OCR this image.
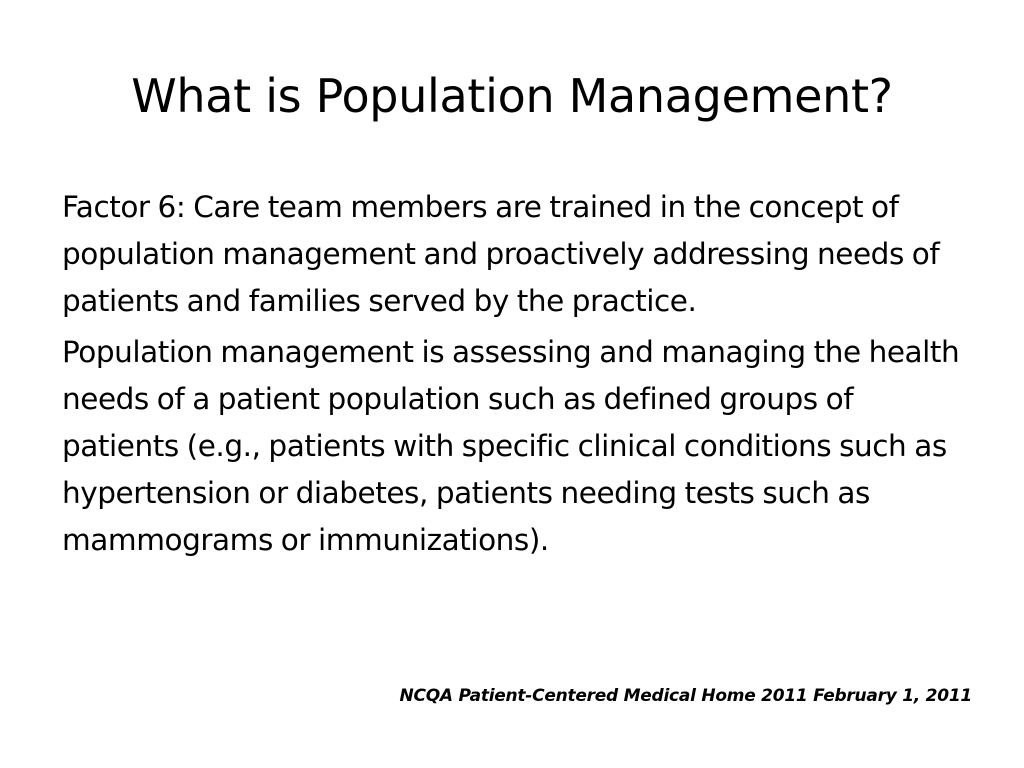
What is Population Management?

Factor 6: Care team members are trained in the concept of population management and proactively addressing needs of patients and families served by the practice.

Population management is assessing and managing the health needs of a patient population such as defined groups of patients (e.g., patients with specific clinical conditions such as hypertension or diabetes, patients needing tests such as mammograms or immunizations).

NCQA Patient-Centered Medical Home 2011 February 1, 2011
